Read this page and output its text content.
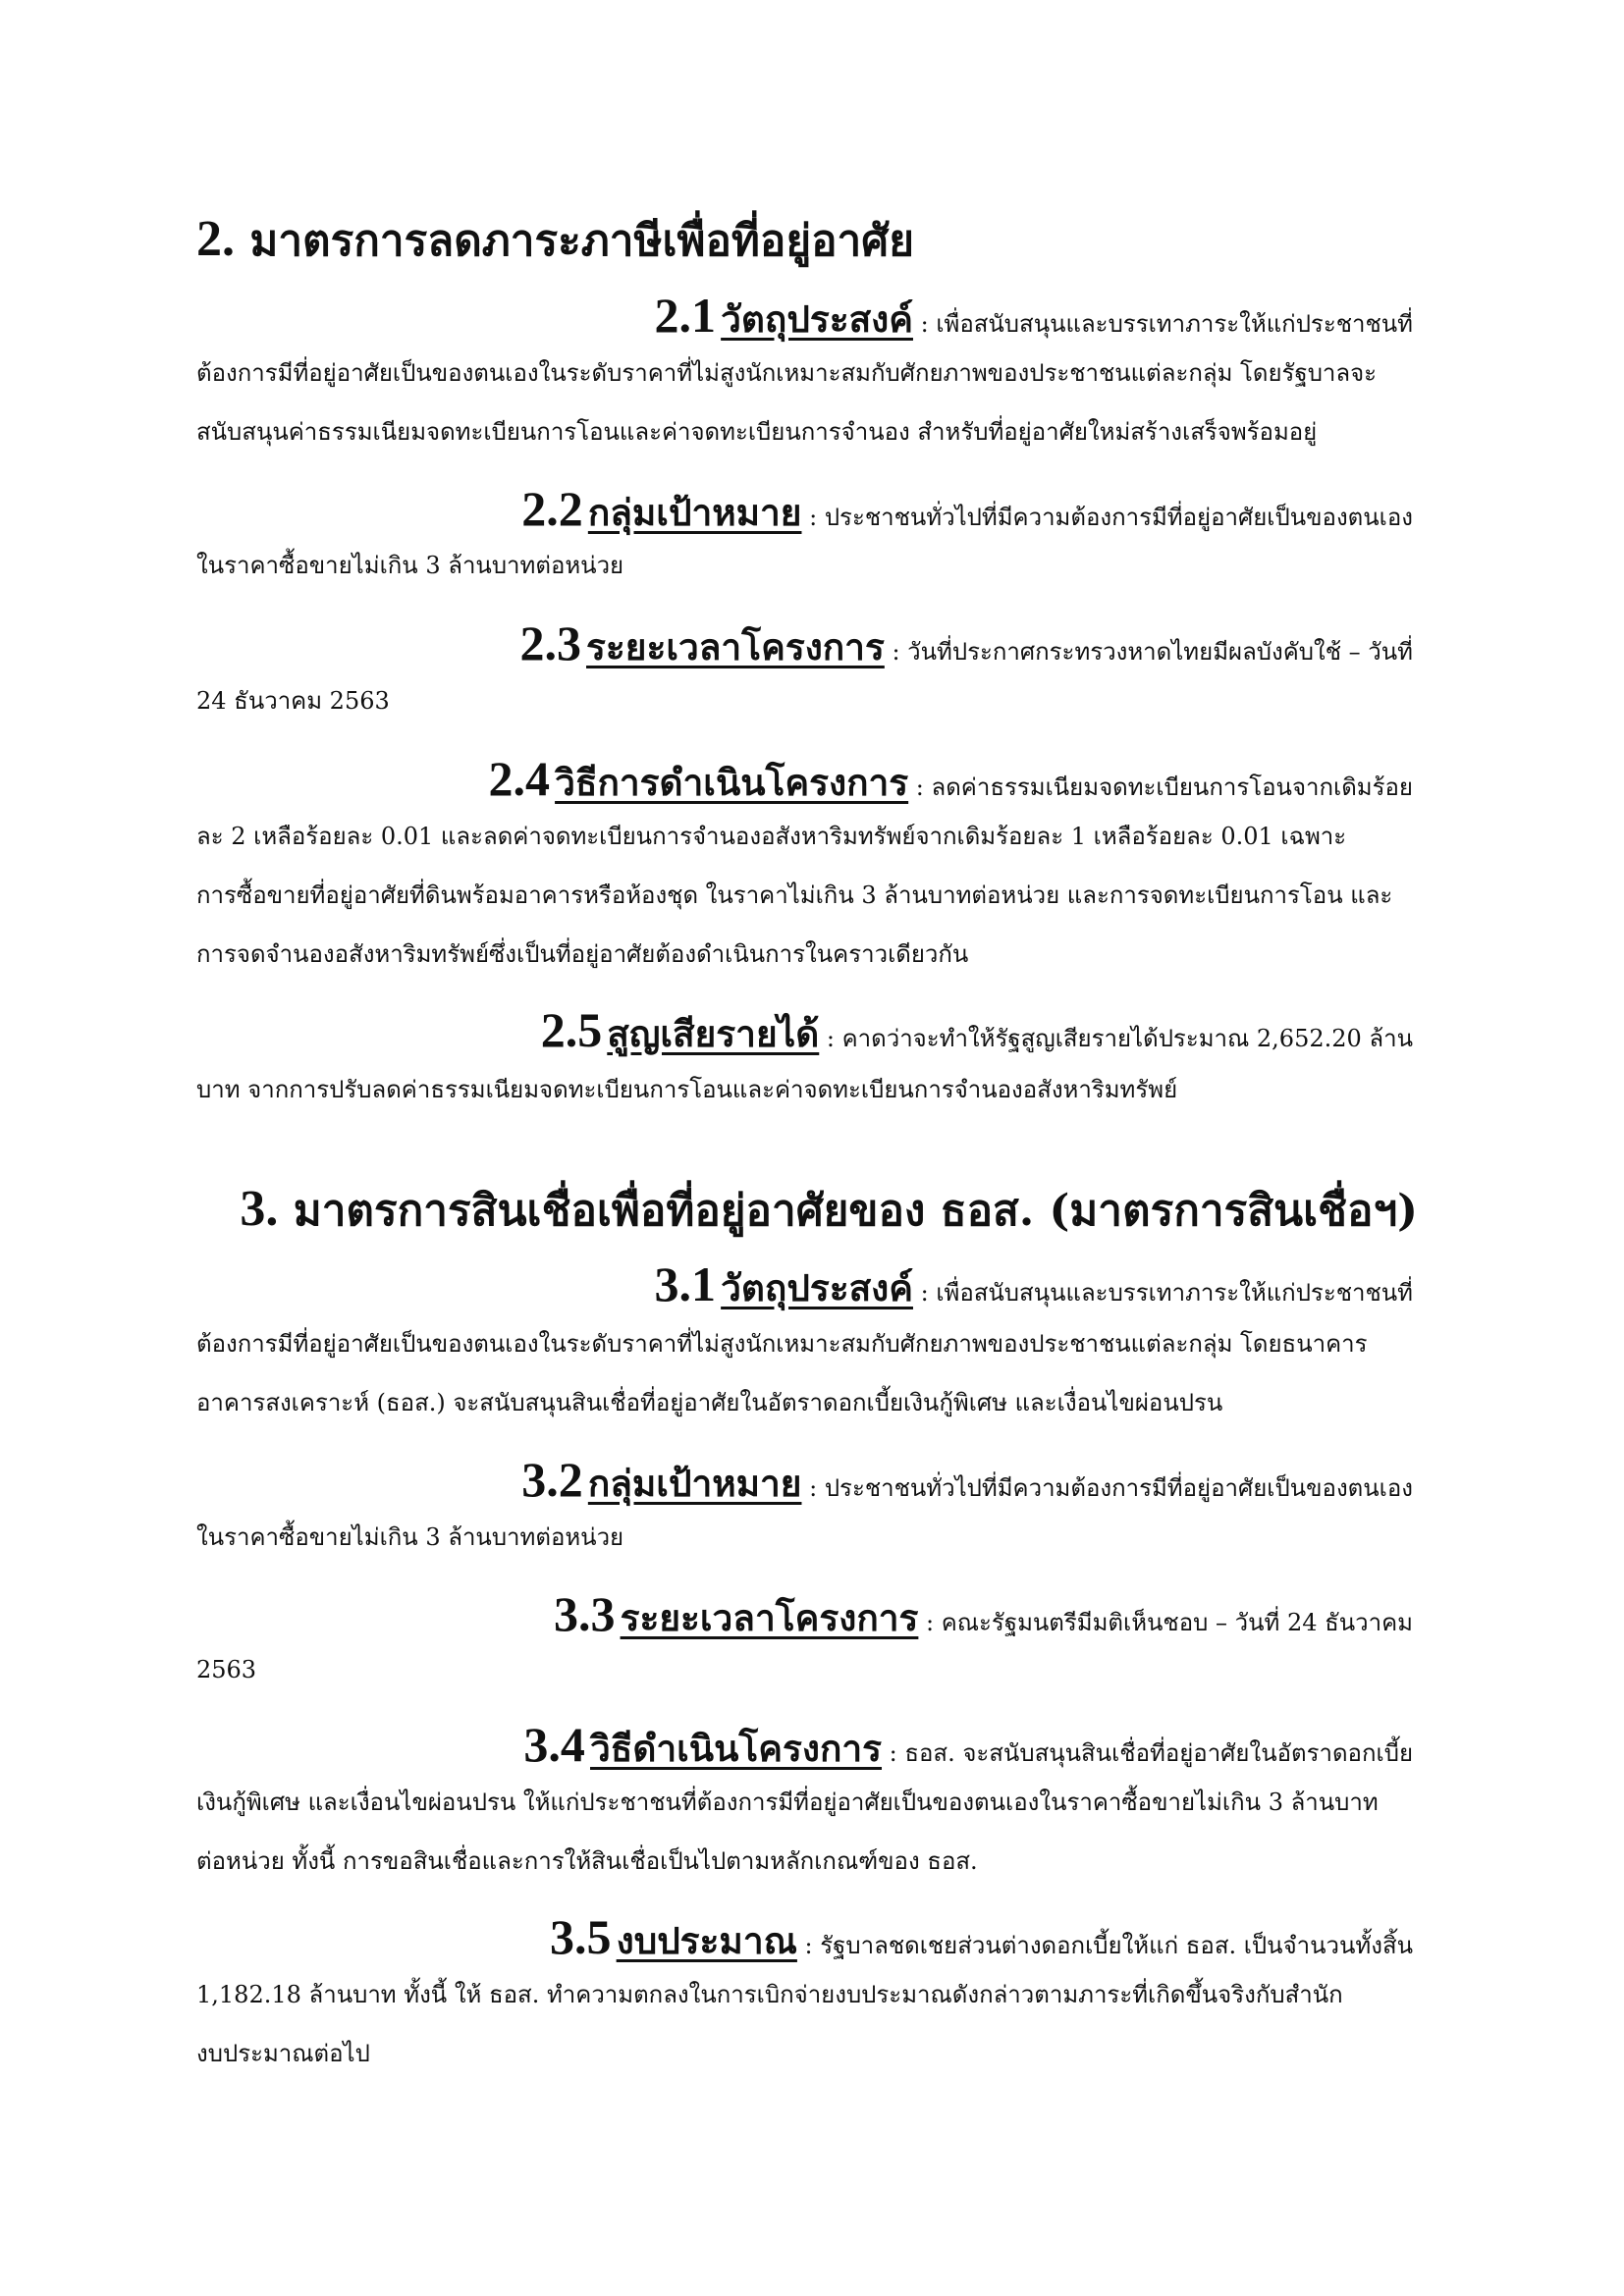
2. มาตรการลดภาระภาษีเพื่อที่อยู่อาศัย

2.1 วัตถุประสงค์ : เพื่อสนับสนุนและบรรเทาภาระให้แก่ประชาชนที่

ต้องการมีที่อยู่อาศัยเป็นของตนเองในระดับราคาที่ไม่สูงนักเหมาะสมกับศักยภาพของประชาชนแต่ละกลุ่ม โดยรัฐบาลจะ

สนับสนุนค่าธรรมเนียมจดทะเบียนการโอนและค่าจดทะเบียนการจำนอง สำหรับที่อยู่อาศัยใหม่สร้างเสร็จพร้อมอยู่

2.2 กลุ่มเป้าหมาย : ประชาชนทั่วไปที่มีความต้องการมีที่อยู่อาศัยเป็นของตนเอง

ในราคาซื้อขายไม่เกิน 3 ล้านบาทต่อหน่วย

2.3 ระยะเวลาโครงการ : วันที่ประกาศกระทรวงหาดไทยมีผลบังคับใช้ – วันที่

24 ธันวาคม 2563

2.4 วิธีการดำเนินโครงการ : ลดค่าธรรมเนียมจดทะเบียนการโอนจากเดิมร้อย

ละ 2 เหลือร้อยละ 0.01 และลดค่าจดทะเบียนการจำนองอสังหาริมทรัพย์จากเดิมร้อยละ 1 เหลือร้อยละ 0.01 เฉพาะ

การซื้อขายที่อยู่อาศัยที่ดินพร้อมอาคารหรือห้องชุด ในราคาไม่เกิน 3 ล้านบาทต่อหน่วย และการจดทะเบียนการโอน และ

การจดจำนองอสังหาริมทรัพย์ซึ่งเป็นที่อยู่อาศัยต้องดำเนินการในคราวเดียวกัน

2.5 สูญเสียรายได้ : คาดว่าจะทำให้รัฐสูญเสียรายได้ประมาณ 2,652.20 ล้าน

บาท จากการปรับลดค่าธรรมเนียมจดทะเบียนการโอนและค่าจดทะเบียนการจำนองอสังหาริมทรัพย์

3. มาตรการสินเชื่อเพื่อที่อยู่อาศัยของ ธอส. (มาตรการสินเชื่อฯ)

3.1 วัตถุประสงค์ : เพื่อสนับสนุนและบรรเทาภาระให้แก่ประชาชนที่

ต้องการมีที่อยู่อาศัยเป็นของตนเองในระดับราคาที่ไม่สูงนักเหมาะสมกับศักยภาพของประชาชนแต่ละกลุ่ม โดยธนาคาร

อาคารสงเคราะห์ (ธอส.) จะสนับสนุนสินเชื่อที่อยู่อาศัยในอัตราดอกเบี้ยเงินกู้พิเศษ และเงื่อนไขผ่อนปรน

3.2 กลุ่มเป้าหมาย : ประชาชนทั่วไปที่มีความต้องการมีที่อยู่อาศัยเป็นของตนเอง

ในราคาซื้อขายไม่เกิน 3 ล้านบาทต่อหน่วย

3.3 ระยะเวลาโครงการ : คณะรัฐมนตรีมีมติเห็นชอบ – วันที่ 24 ธันวาคม

2563

3.4 วิธีดำเนินโครงการ : ธอส. จะสนับสนุนสินเชื่อที่อยู่อาศัยในอัตราดอกเบี้ย

เงินกู้พิเศษ และเงื่อนไขผ่อนปรน ให้แก่ประชาชนที่ต้องการมีที่อยู่อาศัยเป็นของตนเองในราคาซื้อขายไม่เกิน 3 ล้านบาท

ต่อหน่วย ทั้งนี้ การขอสินเชื่อและการให้สินเชื่อเป็นไปตามหลักเกณฑ์ของ ธอส.

3.5 งบประมาณ : รัฐบาลชดเชยส่วนต่างดอกเบี้ยให้แก่ ธอส. เป็นจำนวนทั้งสิ้น

1,182.18 ล้านบาท ทั้งนี้ ให้ ธอส. ทำความตกลงในการเบิกจ่ายงบประมาณดังกล่าวตามภาระที่เกิดขึ้นจริงกับสำนัก

งบประมาณต่อไป
